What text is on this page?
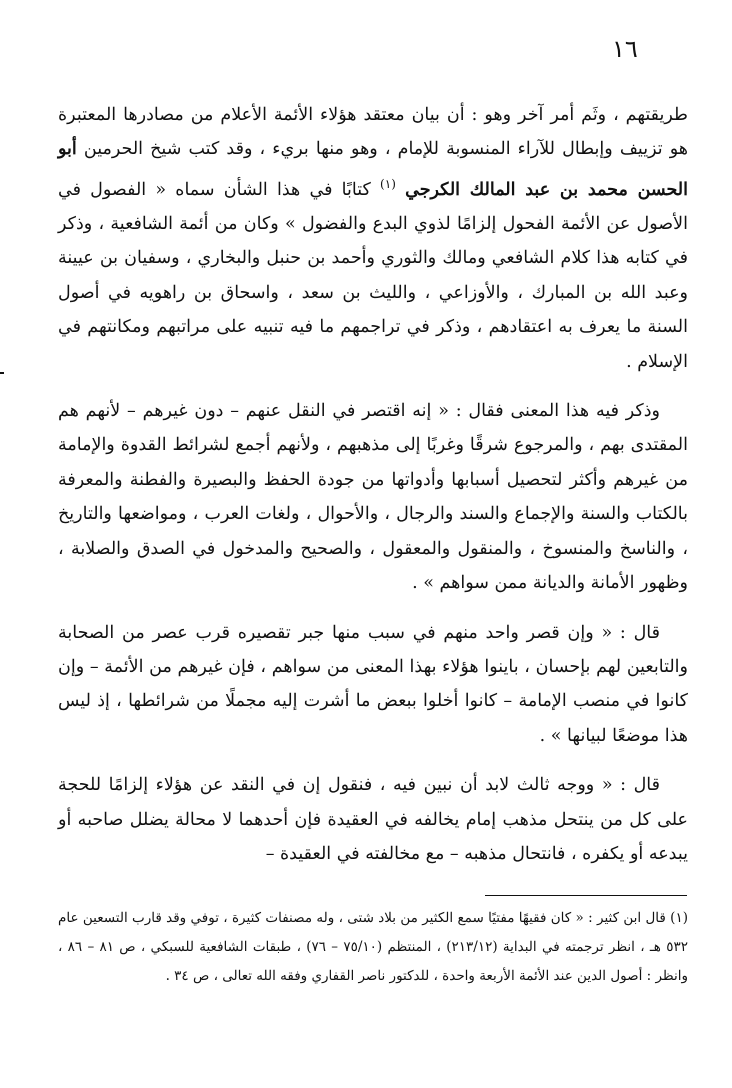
١٦

طريقتهم ، وثَم أمر آخر وهو : أن بيان معتقد هؤلاء الأئمة الأعلام من مصادرها المعتبرة هو تزييف وإبطال للآراء المنسوبة للإمام ، وهو منها بريء ، وقد كتب شيخ الحرمين أبو الحسن محمد بن عبد المالك الكرجي $^{(١)}$ كتابًا في هذا الشأن سماه « الفصول في الأصول عن الأئمة الفحول إلزامًا لذوي البدع والفضول » وكان من أئمة الشافعية ، وذكر في كتابه هذا كلام الشافعي ومالك والثوري وأحمد بن حنبل والبخاري ، وسفيان بن عيينة وعبد الله بن المبارك ، والأوزاعي ، والليث بن سعد ، واسحاق بن راهويه في أصول السنة ما يعرف به اعتقادهم ، وذكر في تراجمهم ما فيه تنبيه على مراتبهم ومكانتهم في الإسلام .

وذكر فيه هذا المعنى فقال : « إنه اقتصر في النقل عنهم – دون غيرهم – لأنهم هم المقتدى بهم ، والمرجوع شرقًا وغربًا إلى مذهبهم ، ولأنهم أجمع لشرائط القدوة والإمامة من غيرهم وأكثر لتحصيل أسبابها وأدواتها من جودة الحفظ والبصيرة والفطنة والمعرفة بالكتاب والسنة والإجماع والسند والرجال ، والأحوال ، ولغات العرب ، ومواضعها والتاريخ ، والناسخ والمنسوخ ، والمنقول والمعقول ، والصحيح والمدخول في الصدق والصلابة ، وظهور الأمانة والديانة ممن سواهم » .

قال : « وإن قصر واحد منهم في سبب منها جبر تقصيره قرب عصر من الصحابة والتابعين لهم بإحسان ، باينوا هؤلاء بهذا المعنى من سواهم ، فإن غيرهم من الأئمة – وإن كانوا في منصب الإمامة – كانوا أخلوا ببعض ما أشرت إليه مجملًا من شرائطها ، إذ ليس هذا موضعًا لبيانها » .

قال : « ووجه ثالث لابد أن نبين فيه ، فنقول إن في النقد عن هؤلاء إلزامًا للحجة على كل من ينتحل مذهب إمام يخالفه في العقيدة فإن أحدهما لا محالة يضلل صاحبه أو يبدعه أو يكفره ، فانتحال مذهبه – مع مخالفته في العقيدة –

(١) قال ابن كثير : « كان فقيهًا مفتيًا سمع الكثير من بلاد شتى ، وله مصنفات كثيرة ، توفي وقد قارب التسعين عام ٥٣٢ هـ ، انظر ترجمته في البداية (٢١٣/١٢) ، المنتظم (٧٥/١٠ – ٧٦) ، طبقات الشافعية للسبكي ، ص ٨١ – ٨٦ ، وانظر : أصول الدين عند الأئمة الأربعة واحدة ، للدكتور ناصر القفاري وفقه الله تعالى ، ص ٣٤ .
